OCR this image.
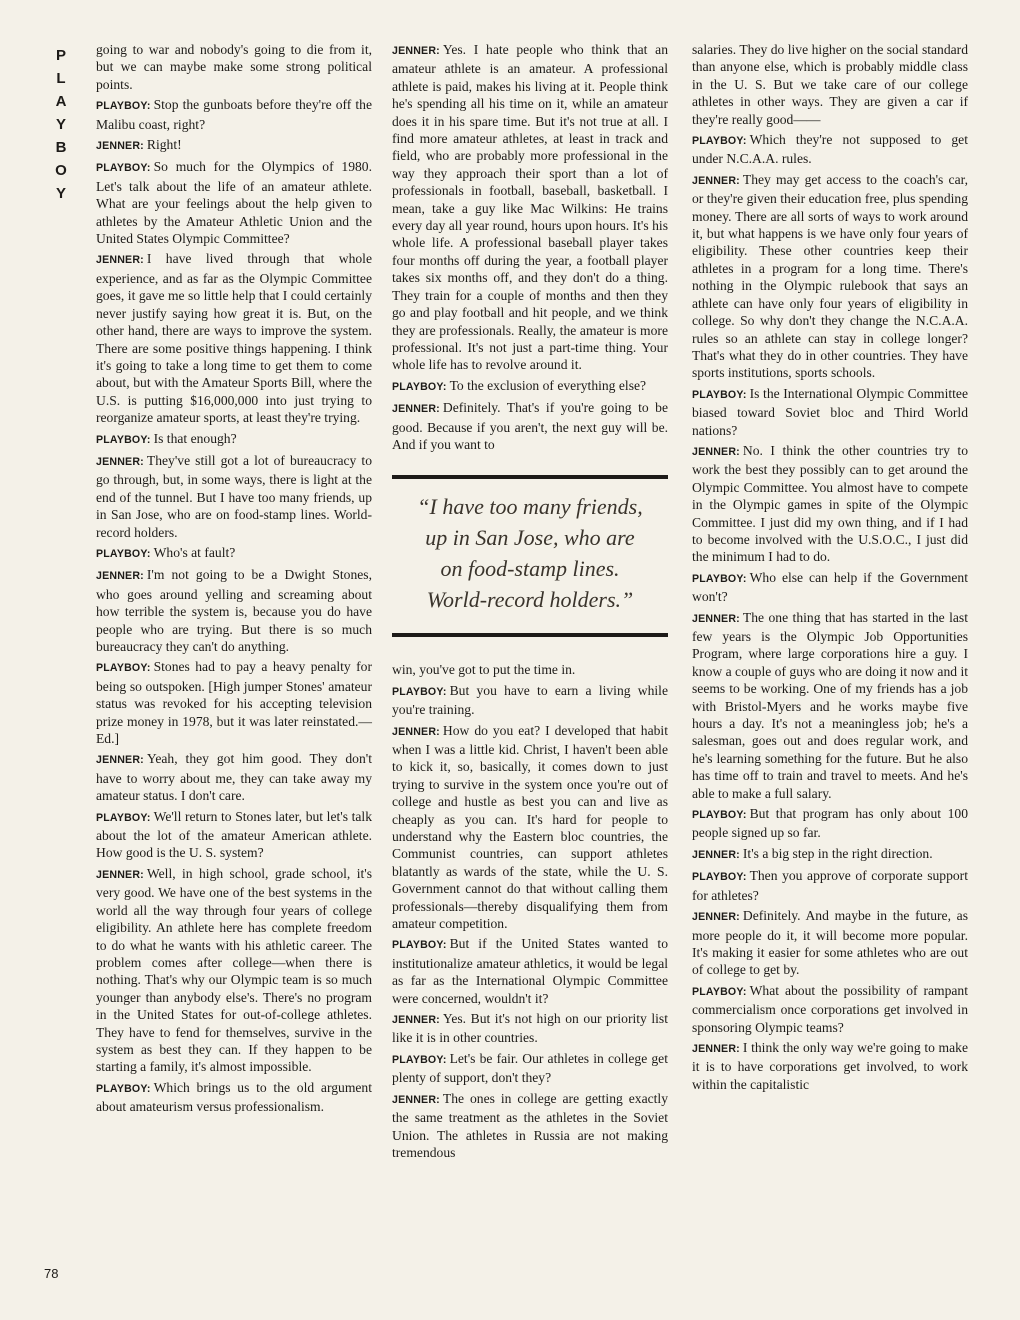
P
L
A
Y
B
O
Y

going to war and nobody's going to die from it, but we can maybe make some strong political points.

PLAYBOY: Stop the gunboats before they're off the Malibu coast, right?

JENNER: Right!

PLAYBOY: So much for the Olympics of 1980. Let's talk about the life of an amateur athlete. What are your feelings about the help given to athletes by the Amateur Athletic Union and the United States Olympic Committee?

JENNER: I have lived through that whole experience, and as far as the Olympic Committee goes, it gave me so little help that I could certainly never justify saying how great it is. But, on the other hand, there are ways to improve the system. There are some positive things happening. I think it's going to take a long time to get them to come about, but with the Amateur Sports Bill, where the U.S. is putting $16,000,000 into just trying to reorganize amateur sports, at least they're trying.

PLAYBOY: Is that enough?

JENNER: They've still got a lot of bureaucracy to go through, but, in some ways, there is light at the end of the tunnel. But I have too many friends, up in San Jose, who are on food-stamp lines. World-record holders.

PLAYBOY: Who's at fault?

JENNER: I'm not going to be a Dwight Stones, who goes around yelling and screaming about how terrible the system is, because you do have people who are trying. But there is so much bureaucracy they can't do anything.

PLAYBOY: Stones had to pay a heavy penalty for being so outspoken. [High jumper Stones' amateur status was revoked for his accepting television prize money in 1978, but it was later reinstated.—Ed.]

JENNER: Yeah, they got him good. They don't have to worry about me, they can take away my amateur status. I don't care.

PLAYBOY: We'll return to Stones later, but let's talk about the lot of the amateur American athlete. How good is the U. S. system?

JENNER: Well, in high school, grade school, it's very good. We have one of the best systems in the world all the way through four years of college eligibility. An athlete here has complete freedom to do what he wants with his athletic career. The problem comes after college—when there is nothing. That's why our Olympic team is so much younger than anybody else's. There's no program in the United States for out-of-college athletes. They have to fend for themselves, survive in the system as best they can. If they happen to be starting a family, it's almost impossible.

PLAYBOY: Which brings us to the old argument about amateurism versus professionalism.

JENNER: Yes. I hate people who think that an amateur athlete is an amateur. A professional athlete is paid, makes his living at it. People think he's spending all his time on it, while an amateur does it in his spare time. But it's not true at all. I find more amateur athletes, at least in track and field, who are probably more professional in the way they approach their sport than a lot of professionals in football, baseball, basketball. I mean, take a guy like Mac Wilkins: He trains every day all year round, hours upon hours. It's his whole life. A professional baseball player takes four months off during the year, a football player takes six months off, and they don't do a thing. They train for a couple of months and then they go and play football and hit people, and we think they are professionals. Really, the amateur is more professional. It's not just a part-time thing. Your whole life has to revolve around it.

PLAYBOY: To the exclusion of everything else?

JENNER: Definitely. That's if you're going to be good. Because if you aren't, the next guy will be. And if you want to

“I have too many friends,
up in San Jose, who are
on food-stamp lines.
World-record holders.”

win, you've got to put the time in.

PLAYBOY: But you have to earn a living while you're training.

JENNER: How do you eat? I developed that habit when I was a little kid. Christ, I haven't been able to kick it, so, basically, it comes down to just trying to survive in the system once you're out of college and hustle as best you can and live as cheaply as you can. It's hard for people to understand why the Eastern bloc countries, the Communist countries, can support athletes blatantly as wards of the state, while the U. S. Government cannot do that without calling them professionals—thereby disqualifying them from amateur competition.

PLAYBOY: But if the United States wanted to institutionalize amateur athletics, it would be legal as far as the International Olympic Committee were concerned, wouldn't it?

JENNER: Yes. But it's not high on our priority list like it is in other countries.

PLAYBOY: Let's be fair. Our athletes in college get plenty of support, don't they?

JENNER: The ones in college are getting exactly the same treatment as the athletes in the Soviet Union. The athletes in Russia are not making tremendous

salaries. They do live higher on the social standard than anyone else, which is probably middle class in the U. S. But we take care of our college athletes in other ways. They are given a car if they're really good——

PLAYBOY: Which they're not supposed to get under N.C.A.A. rules.

JENNER: They may get access to the coach's car, or they're given their education free, plus spending money. There are all sorts of ways to work around it, but what happens is we have only four years of eligibility. These other countries keep their athletes in a program for a long time. There's nothing in the Olympic rulebook that says an athlete can have only four years of eligibility in college. So why don't they change the N.C.A.A. rules so an athlete can stay in college longer? That's what they do in other countries. They have sports institutions, sports schools.

PLAYBOY: Is the International Olympic Committee biased toward Soviet bloc and Third World nations?

JENNER: No. I think the other countries try to work the best they possibly can to get around the Olympic Committee. You almost have to compete in the Olympic games in spite of the Olympic Committee. I just did my own thing, and if I had to become involved with the U.S.O.C., I just did the minimum I had to do.

PLAYBOY: Who else can help if the Government won't?

JENNER: The one thing that has started in the last few years is the Olympic Job Opportunities Program, where large corporations hire a guy. I know a couple of guys who are doing it now and it seems to be working. One of my friends has a job with Bristol-Myers and he works maybe five hours a day. It's not a meaningless job; he's a salesman, goes out and does regular work, and he's learning something for the future. But he also has time off to train and travel to meets. And he's able to make a full salary.

PLAYBOY: But that program has only about 100 people signed up so far.

JENNER: It's a big step in the right direction.

PLAYBOY: Then you approve of corporate support for athletes?

JENNER: Definitely. And maybe in the future, as more people do it, it will become more popular. It's making it easier for some athletes who are out of college to get by.

PLAYBOY: What about the possibility of rampant commercialism once corporations get involved in sponsoring Olympic teams?

JENNER: I think the only way we're going to make it is to have corporations get involved, to work within the capitalistic

78
